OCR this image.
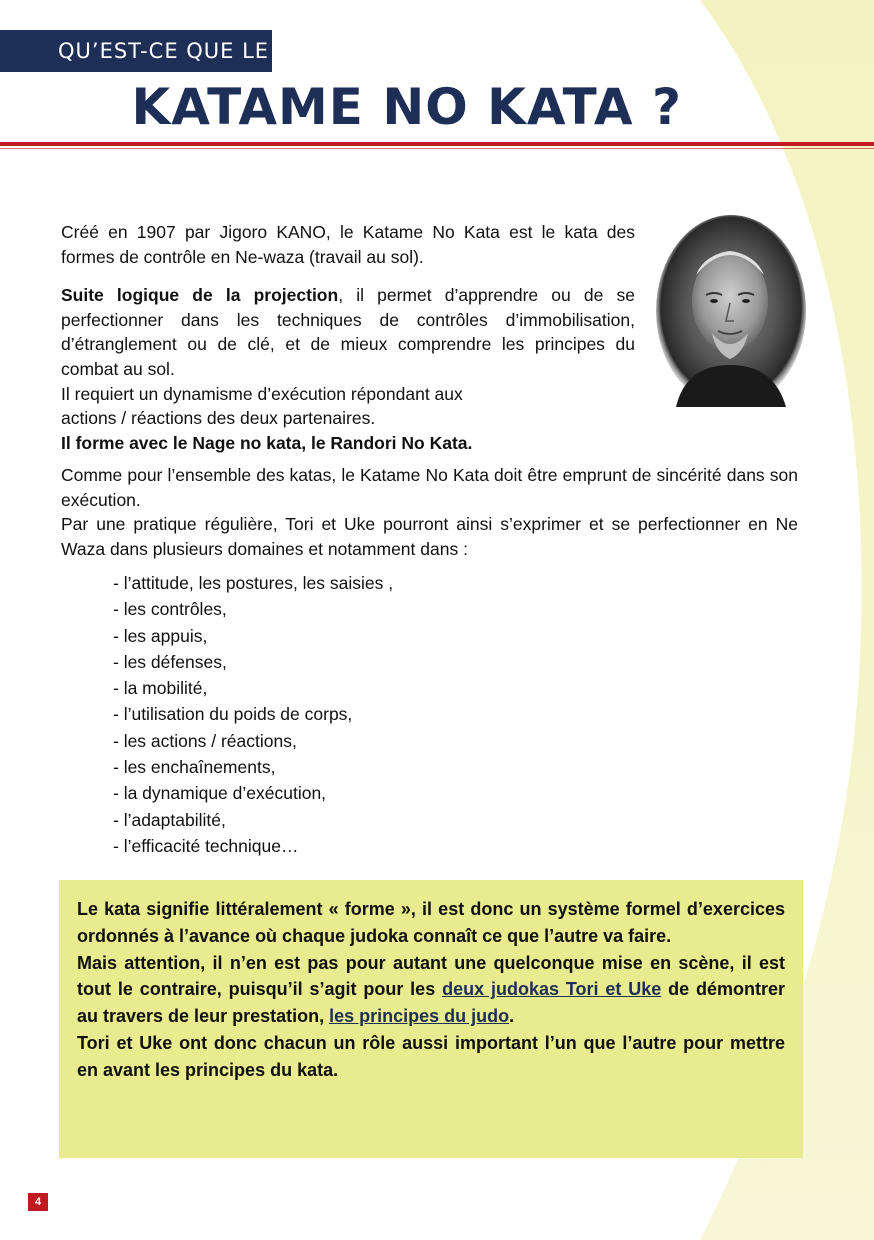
QU’EST-CE QUE LE
KATAME NO KATA ?

Créé en 1907 par Jigoro KANO, le Katame No Kata est le kata des formes de contrôle en Ne-waza (travail au sol).

Suite logique de la projection, il permet d’apprendre ou de se perfectionner dans les techniques de contrôles d’immobilisation, d’étranglement ou de clé, et de mieux comprendre les principes du combat au sol.

Il requiert un dynamisme d’exécution répondant aux

actions / réactions des deux partenaires.

Il forme avec le Nage no kata, le Randori No Kata.

Comme pour l’ensemble des katas, le Katame No Kata doit être emprunt de sincérité dans son exécution.

Par une pratique régulière, Tori et Uke pourront ainsi s’exprimer et se perfectionner en Ne Waza dans plusieurs domaines et notamment dans :

- l’attitude, les postures, les saisies ,
- les contrôles,
- les appuis,
- les défenses,
- la mobilité,
- l’utilisation du poids de corps,
- les actions / réactions,
- les enchaînements,
- la dynamique d’exécution,
- l’adaptabilité,
- l’efficacité technique…

Le kata signifie littéralement « forme », il est donc un système formel d’exercices ordonnés à l’avance où chaque judoka connaît ce que l’autre va faire.

Mais attention, il n’en est pas pour autant une quelconque mise en scène, il est tout le contraire, puisqu’il s’agit pour les deux judokas Tori et Uke de démontrer au travers de leur prestation, les principes du judo.

Tori et Uke ont donc chacun un rôle aussi important l’un que l’autre pour mettre en avant les principes du kata.

4
